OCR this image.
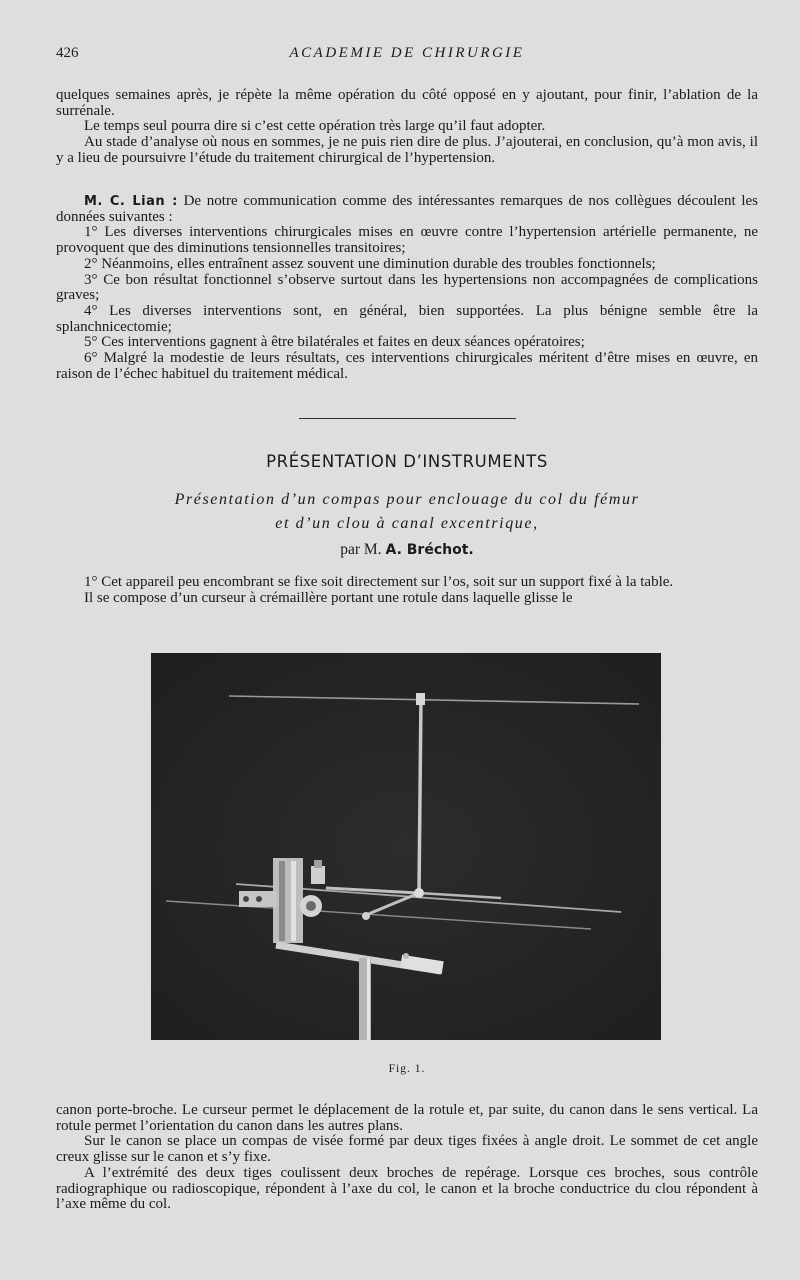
426	ACADEMIE DE CHIRURGIE

quelques semaines après, je répète la même opération du côté opposé en y ajoutant, pour finir, l’ablation de la surrénale.

Le temps seul pourra dire si c’est cette opération très large qu’il faut adopter.

Au stade d’analyse où nous en sommes, je ne puis rien dire de plus. J’ajouterai, en conclusion, qu’à mon avis, il y a lieu de poursuivre l’étude du traitement chirurgical de l’hypertension.

M. C. Lian : De notre communication comme des intéressantes remarques de nos collègues découlent les données suivantes :

1° Les diverses interventions chirurgicales mises en œuvre contre l’hypertension artérielle permanente, ne provoquent que des diminutions tensionnelles transitoires;

2° Néanmoins, elles entraînent assez souvent une diminution durable des troubles fonctionnels;

3° Ce bon résultat fonctionnel s’observe surtout dans les hypertensions non accompagnées de complications graves;

4° Les diverses interventions sont, en général, bien supportées. La plus bénigne semble être la splanchnicectomie;

5° Ces interventions gagnent à être bilatérales et faites en deux séances opératoires;

6° Malgré la modestie de leurs résultats, ces interventions chirurgicales méritent d’être mises en œuvre, en raison de l’échec habituel du traitement médical.

PRÉSENTATION D’INSTRUMENTS
Présentation d’un compas pour enclouage du col du fémur
et d’un clou à canal excentrique,
par M. A. Bréchot.

1° Cet appareil peu encombrant se fixe soit directement sur l’os, soit sur un support fixé à la table.

Il se compose d’un curseur à crémaillère portant une rotule dans laquelle glisse le

Fig. 1.

canon porte-broche. Le curseur permet le déplacement de la rotule et, par suite, du canon dans le sens vertical. La rotule permet l’orientation du canon dans les autres plans.

Sur le canon se place un compas de visée formé par deux tiges fixées à angle droit. Le sommet de cet angle creux glisse sur le canon et s’y fixe.

A l’extrémité des deux tiges coulissent deux broches de repérage. Lorsque ces broches, sous contrôle radiographique ou radioscopique, répondent à l’axe du col, le canon et la broche conductrice du clou répondent à l’axe même du col.
